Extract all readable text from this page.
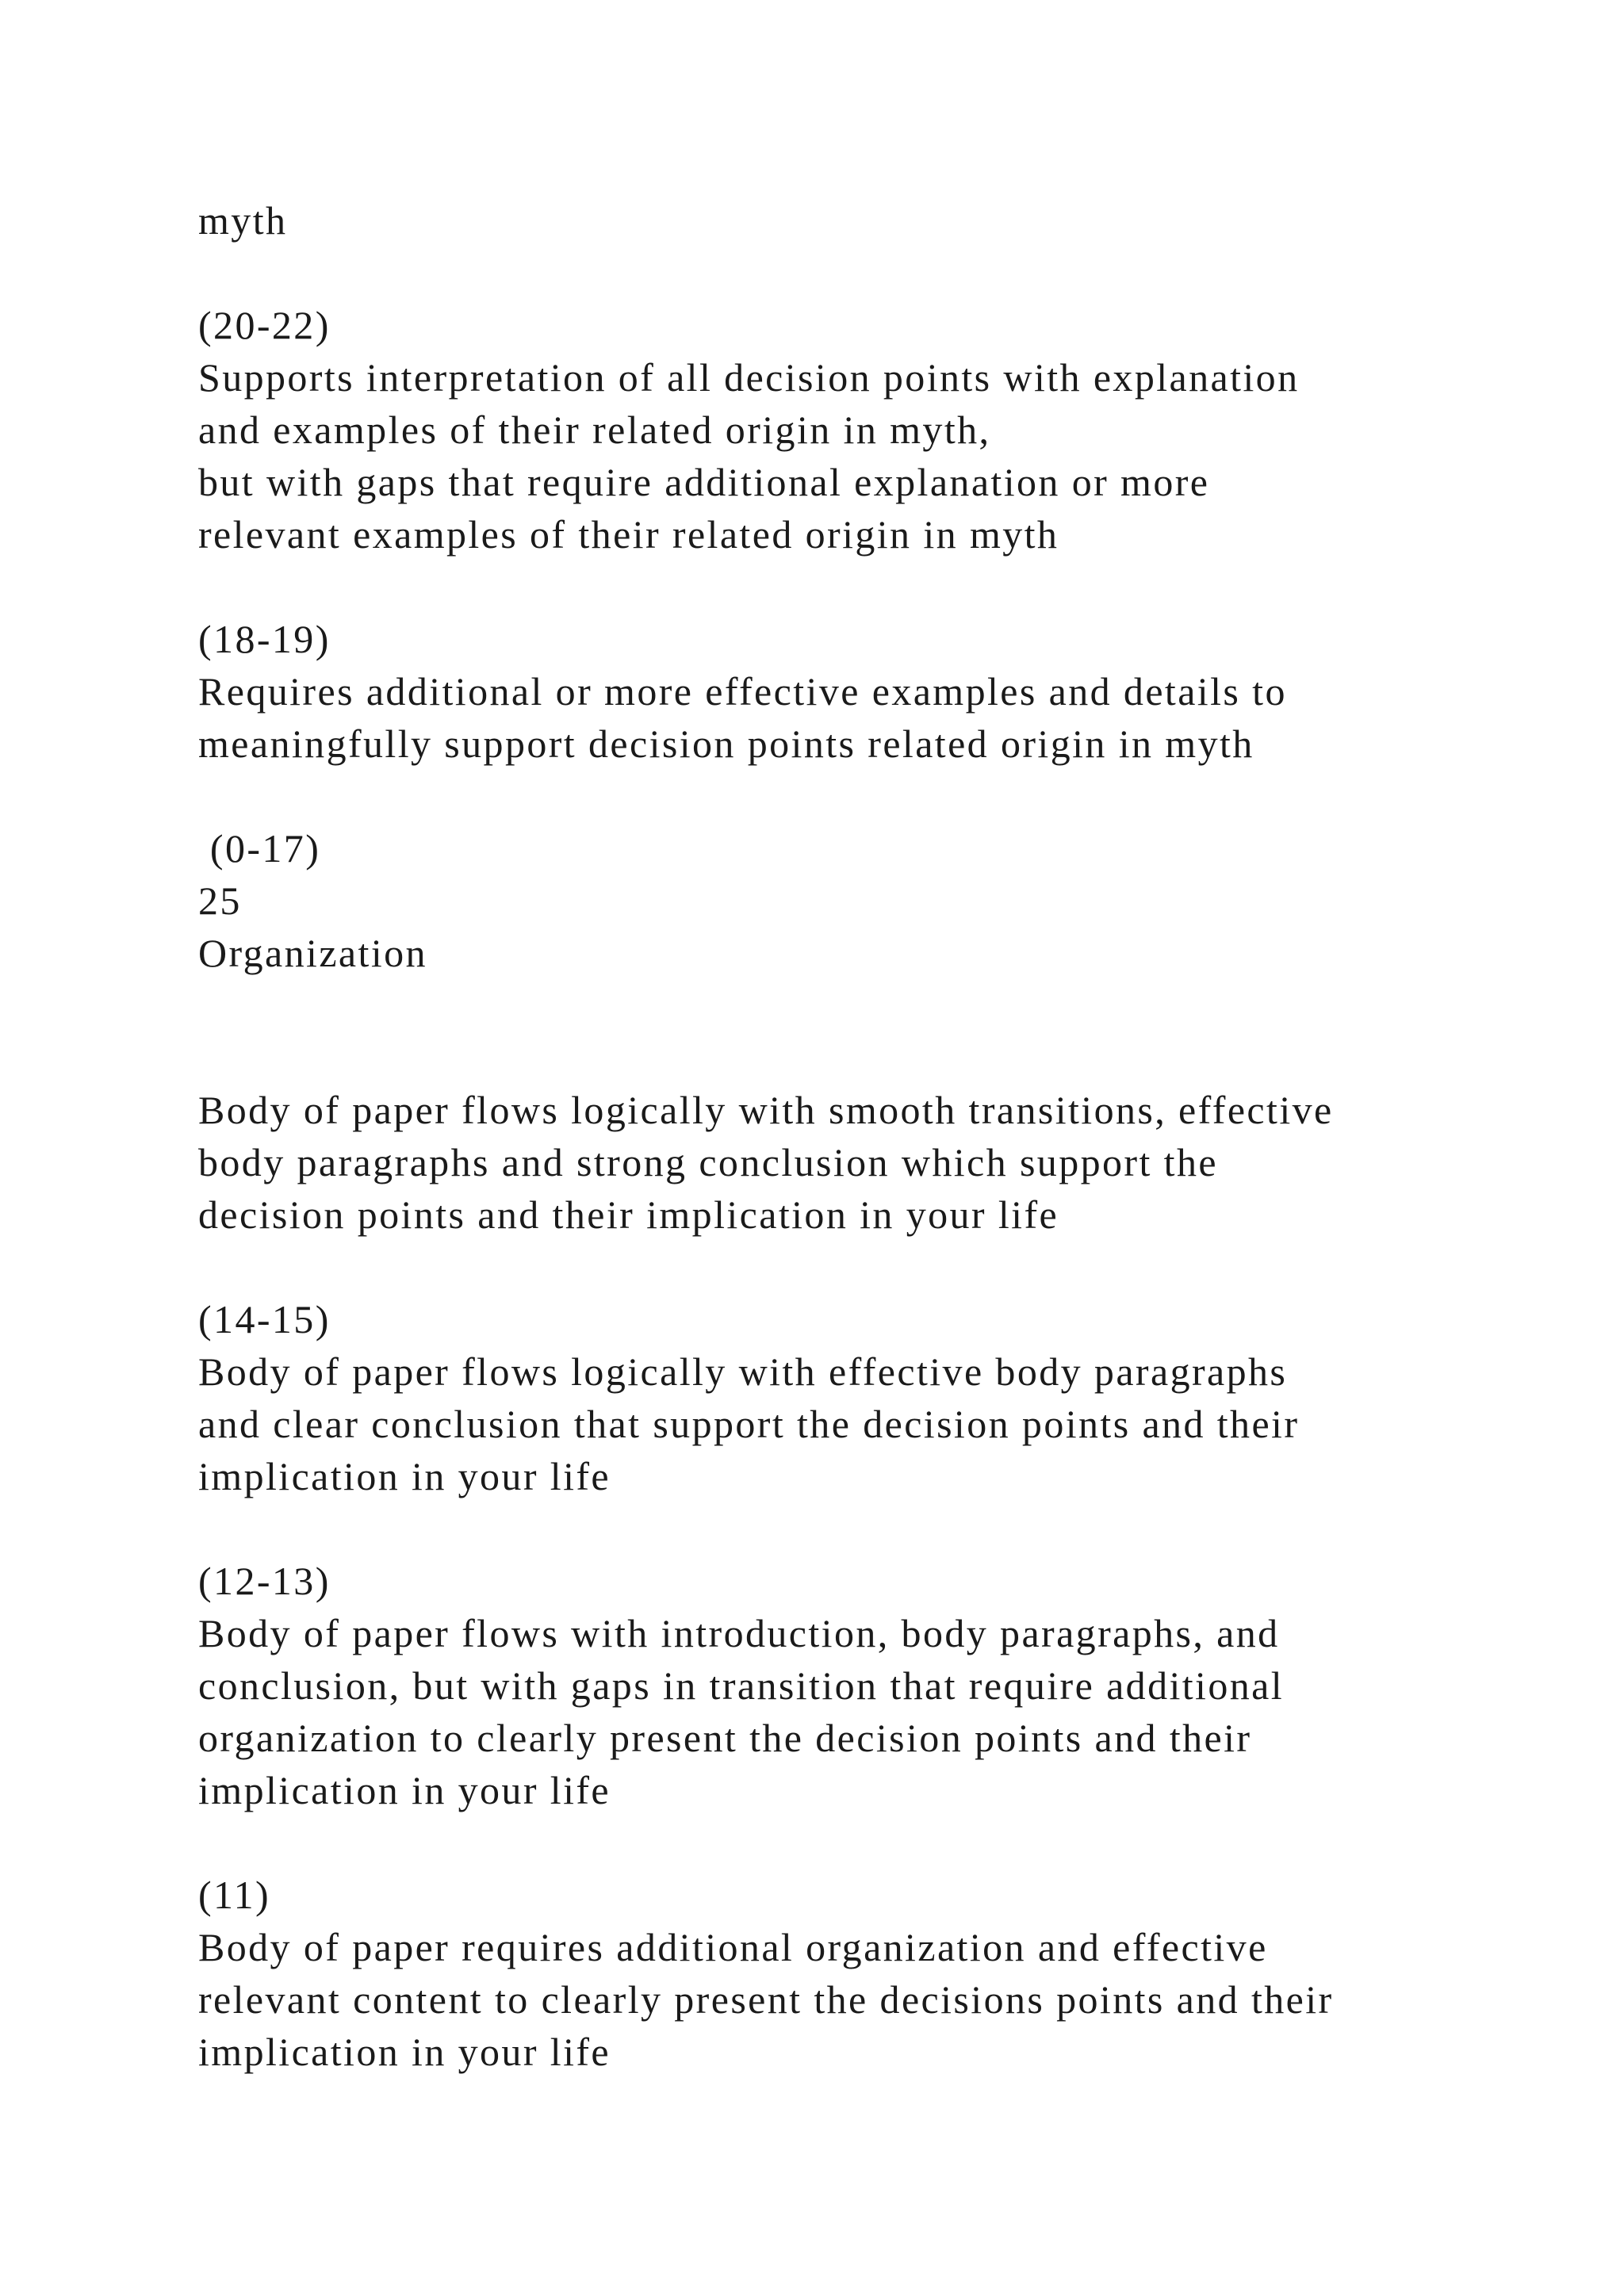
myth
(20-22)
Supports interpretation of all decision points with explanation
and examples of their related origin in myth,
but with gaps that require additional explanation or more
relevant examples of their related origin in myth
(18-19)
Requires additional or more effective examples and details to
meaningfully support decision points related origin in myth
(0-17)
25
Organization
Body of paper flows logically with smooth transitions, effective
body paragraphs and strong conclusion which support the
decision points and their implication in your life
(14-15)
Body of paper flows logically with effective body paragraphs
and clear conclusion that support the decision points and their
implication in your life
(12-13)
Body of paper flows with introduction, body paragraphs, and
conclusion, but with gaps in transition that require additional
organization to clearly present the decision points and their
implication in your life
(11)
Body of paper requires additional organization and effective
relevant content to clearly present the decisions points and their
implication in your life
